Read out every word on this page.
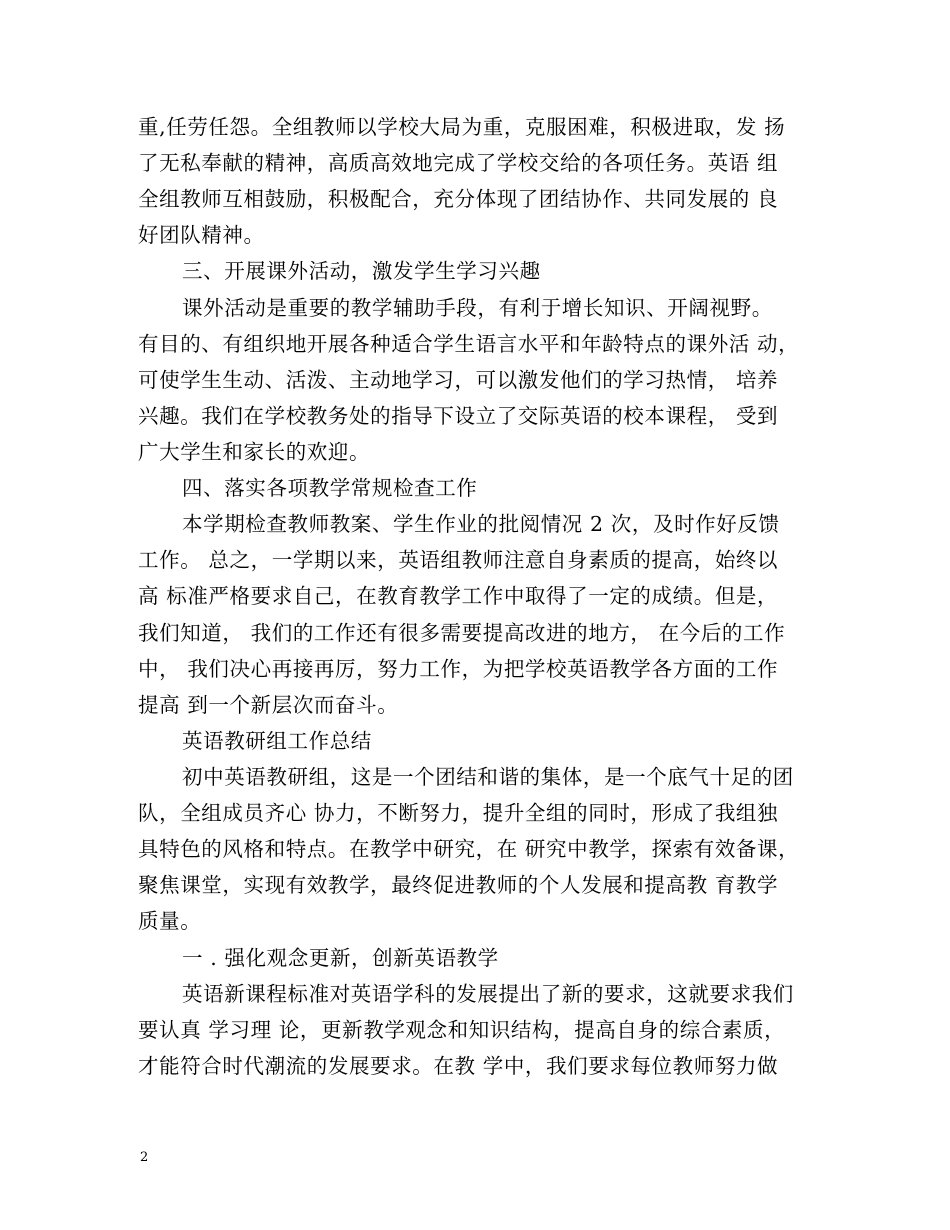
重,任劳任怨。全组教师以学校大局为重，克服困难，积极进取，发 扬
了无私奉献的精神，高质高效地完成了学校交给的各项任务。英语 组
全组教师互相鼓励，积极配合，充分体现了团结协作、共同发展的 良
好团队精神。
三、开展课外活动，激发学生学习兴趣
课外活动是重要的教学辅助手段，有利于增长知识、开阔视野。
有目的、有组织地开展各种适合学生语言水平和年龄特点的课外活 动，
可使学生生动、活泼、主动地学习，可以激发他们的学习热情， 培养
兴趣。我们在学校教务处的指导下设立了交际英语的校本课程， 受到
广大学生和家长的欢迎。
四、落实各项教学常规检查工作
本学期检查教师教案、学生作业的批阅情况 2 次，及时作好反馈
工作。 总之，一学期以来，英语组教师注意自身素质的提高，始终以
高 标准严格要求自己，在教育教学工作中取得了一定的成绩。但是，
我们知道， 我们的工作还有很多需要提高改进的地方， 在今后的工作
中， 我们决心再接再厉，努力工作，为把学校英语教学各方面的工作
提高 到一个新层次而奋斗。
英语教研组工作总结
初中英语教研组，这是一个团结和谐的集体，是一个底气十足的团
队，全组成员齐心 协力，不断努力，提升全组的同时，形成了我组独
具特色的风格和特点。在教学中研究，在 研究中教学，探索有效备课，
聚焦课堂，实现有效教学，最终促进教师的个人发展和提高教 育教学
质量。
一 . 强化观念更新，创新英语教学
英语新课程标准对英语学科的发展提出了新的要求，这就要求我们
要认真 学习理 论，更新教学观念和知识结构，提高自身的综合素质，
才能符合时代潮流的发展要求。在教 学中，我们要求每位教师努力做
2
